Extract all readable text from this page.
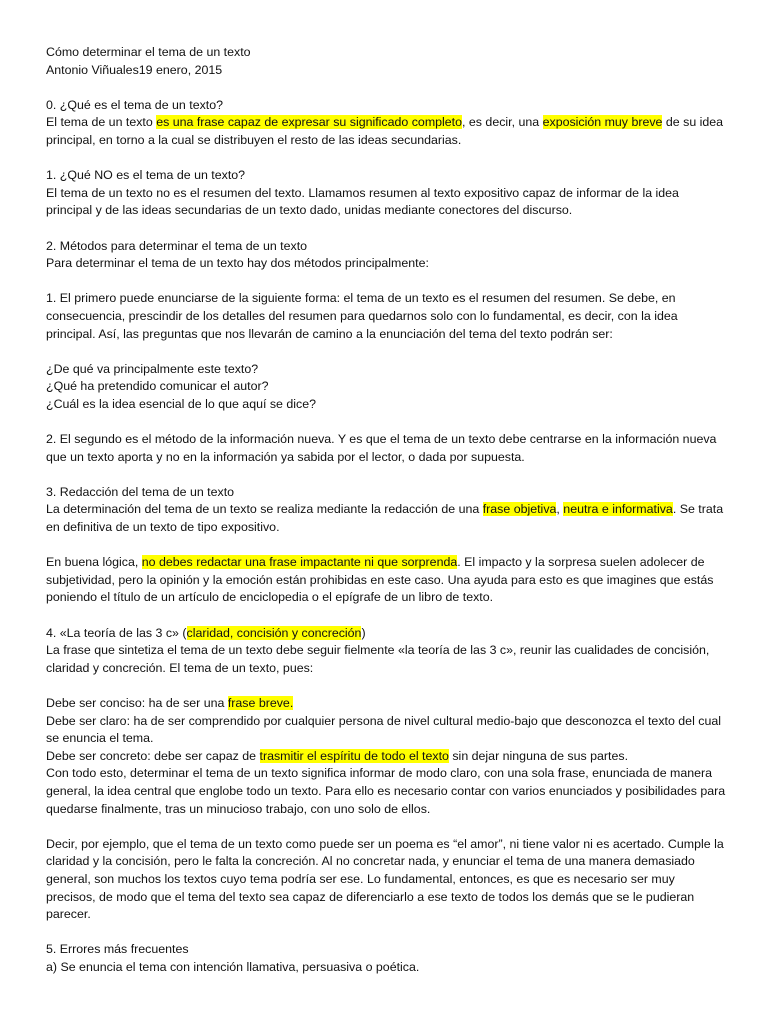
Cómo determinar el tema de un texto
Antonio Viñuales19 enero, 2015
0. ¿Qué es el tema de un texto?
El tema de un texto es una frase capaz de expresar su significado completo, es decir, una exposición muy breve de su idea principal, en torno a la cual se distribuyen el resto de las ideas secundarias.
1. ¿Qué NO es el tema de un texto?
El tema de un texto no es el resumen del texto. Llamamos resumen al texto expositivo capaz de informar de la idea principal y de las ideas secundarias de un texto dado, unidas mediante conectores del discurso.
2. Métodos para determinar el tema de un texto
Para determinar el tema de un texto hay dos métodos principalmente:
1. El primero puede enunciarse de la siguiente forma: el tema de un texto es el resumen del resumen. Se debe, en consecuencia, prescindir de los detalles del resumen para quedarnos solo con lo fundamental, es decir, con la idea principal. Así, las preguntas que nos llevarán de camino a la enunciación del tema del texto podrán ser:
¿De qué va principalmente este texto?
¿Qué ha pretendido comunicar el autor?
¿Cuál es la idea esencial de lo que aquí se dice?
2. El segundo es el método de la información nueva. Y es que el tema de un texto debe centrarse en la información nueva que un texto aporta y no en la información ya sabida por el lector, o dada por supuesta.
3. Redacción del tema de un texto
La determinación del tema de un texto se realiza mediante la redacción de una frase objetiva, neutra e informativa. Se trata en definitiva de un texto de tipo expositivo.
En buena lógica, no debes redactar una frase impactante ni que sorprenda. El impacto y la sorpresa suelen adolecer de subjetividad, pero la opinión y la emoción están prohibidas en este caso. Una ayuda para esto es que imagines que estás poniendo el título de un artículo de enciclopedia o el epígrafe de un libro de texto.
4. «La teoría de las 3 c» (claridad, concisión y concreción)
La frase que sintetiza el tema de un texto debe seguir fielmente «la teoría de las 3 c», reunir las cualidades de concisión, claridad y concreción. El tema de un texto, pues:
Debe ser conciso: ha de ser una frase breve.
Debe ser claro: ha de ser comprendido por cualquier persona de nivel cultural medio-bajo que desconozca el texto del cual se enuncia el tema.
Debe ser concreto: debe ser capaz de trasmitir el espíritu de todo el texto sin dejar ninguna de sus partes.
Con todo esto, determinar el tema de un texto significa informar de modo claro, con una sola frase, enunciada de manera general, la idea central que englobe todo un texto. Para ello es necesario contar con varios enunciados y posibilidades para quedarse finalmente, tras un minucioso trabajo, con uno solo de ellos.
Decir, por ejemplo, que el tema de un texto como puede ser un poema es “el amor”, ni tiene valor ni es acertado. Cumple la claridad y la concisión, pero le falta la concreción. Al no concretar nada, y enunciar el tema de una manera demasiado general, son muchos los textos cuyo tema podría ser ese. Lo fundamental, entonces, es que es necesario ser muy precisos, de modo que el tema del texto sea capaz de diferenciarlo a ese texto de todos los demás que se le pudieran parecer.
5. Errores más frecuentes
a) Se enuncia el tema con intención llamativa, persuasiva o poética.
